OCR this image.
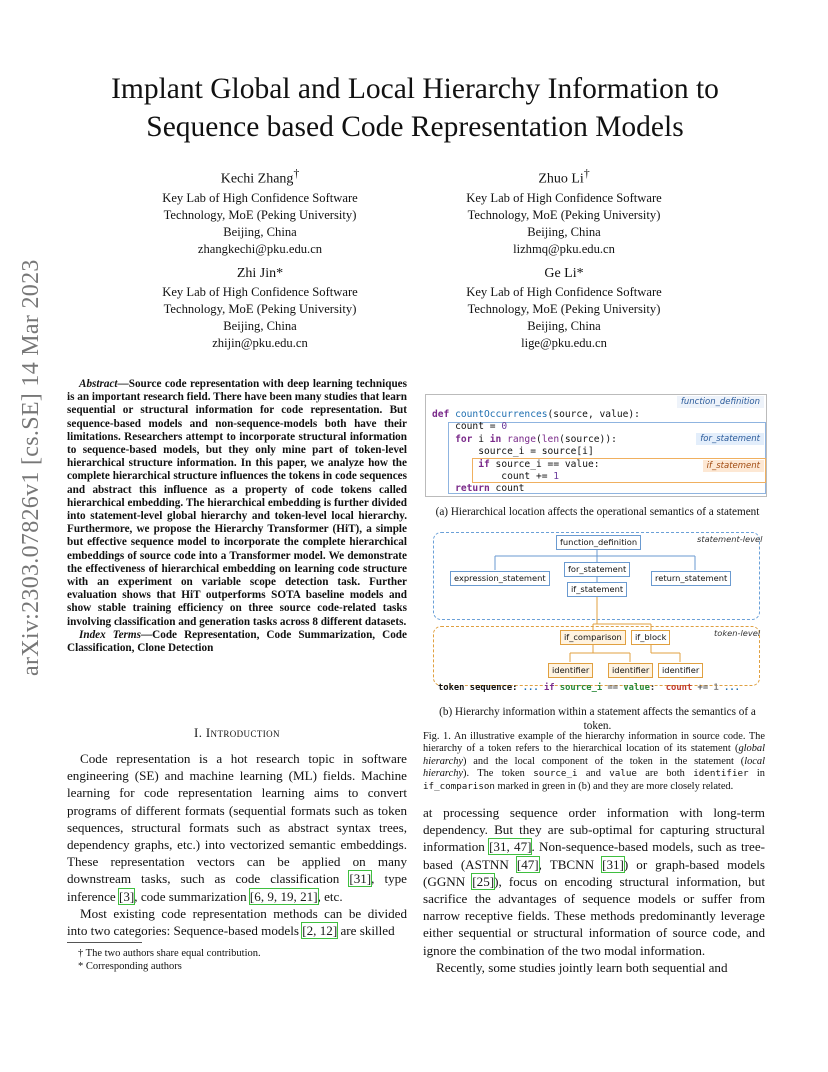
Implant Global and Local Hierarchy Information to
Sequence based Code Representation Models
Kechi Zhang†
Key Lab of High Confidence Software
Technology, MoE (Peking University)
Beijing, China
zhangkechi@pku.edu.cn
Zhuo Li†
Key Lab of High Confidence Software
Technology, MoE (Peking University)
Beijing, China
lizhmq@pku.edu.cn
Zhi Jin*
Key Lab of High Confidence Software
Technology, MoE (Peking University)
Beijing, China
zhijin@pku.edu.cn
Ge Li*
Key Lab of High Confidence Software
Technology, MoE (Peking University)
Beijing, China
lige@pku.edu.cn
arXiv:2303.07826v1 [cs.SE] 14 Mar 2023	Abstract—Source code representation with deep learning techniques is an important research field. There have been many studies that learn sequential or structural information for code representation. But sequence-based models and non-sequence-models both have their limitations. Researchers attempt to incorporate structural information to sequence-based models, but they only mine part of token-level hierarchical structure information. In this paper, we analyze how the complete hierarchical structure influences the tokens in code sequences and abstract this influence as a property of code tokens called hierarchical embedding. The hierarchical embedding is further divided into statement-level global hierarchy and token-level local hierarchy. Furthermore, we propose the Hierarchy Transformer (HiT), a simple but effective sequence model to incorporate the complete hierarchical embeddings of source code into a Transformer model. We demonstrate the effectiveness of hierarchical embedding on learning code structure with an experiment on variable scope detection task. Further evaluation shows that HiT outperforms SOTA baseline models and show stable training efficiency on three source code-related tasks involving classification and generation tasks across 8 different datasets.

Index Terms—Code Representation, Code Summarization, Code Classification, Clone Detection

I. Introduction

Code representation is a hot research topic in software engineering (SE) and machine learning (ML) fields. Machine learning for code representation learning aims to convert programs of different formats (sequential formats such as token sequences, structural formats such as abstract syntax trees, dependency graphs, etc.) into vectorized semantic embeddings. These representation vectors can be applied on many downstream tasks, such as code classification [31], type inference [3], code summarization [6, 9, 19, 21], etc.

Most existing code representation methods can be divided into two categories: Sequence-based models [2, 12] are skilled

† The two authors share equal contribution.
* Corresponding authors
function_definition
for_statement
if_statement
def countOccurrences(source, value):
count = 0
for i in range(len(source)):
source_i = source[i]
if source_i == value:
count += 1
return count
(a) Hierarchical location affects the operational semantics of a statement
statement-level
token-level
function_definition
for_statement
expression_statement	return_statement
if_statement
if_comparison	if_block
identifier	identifier	identifier
token sequence: ... if source_i == value: count += 1 ...
(b) Hierarchy information within a statement affects the semantics of a token.
Fig. 1. An illustrative example of the hierarchy information in source code. The hierarchy of a token refers to the hierarchical location of its statement (global hierarchy) and the local component of the token in the statement (local hierarchy). The token source_i and value are both identifier in if_comparison marked in green in (b) and they are more closely related.

at processing sequence order information with long-term dependency. But they are sub-optimal for capturing structural information [31, 47]. Non-sequence-based models, such as tree-based (ASTNN [47], TBCNN [31]) or graph-based models (GGNN [25]), focus on encoding structural information, but sacrifice the advantages of sequence models or suffer from narrow receptive fields. These methods predominantly leverage either sequential or structural information of source code, and ignore the combination of the two modal information.

Recently, some studies jointly learn both sequential and
